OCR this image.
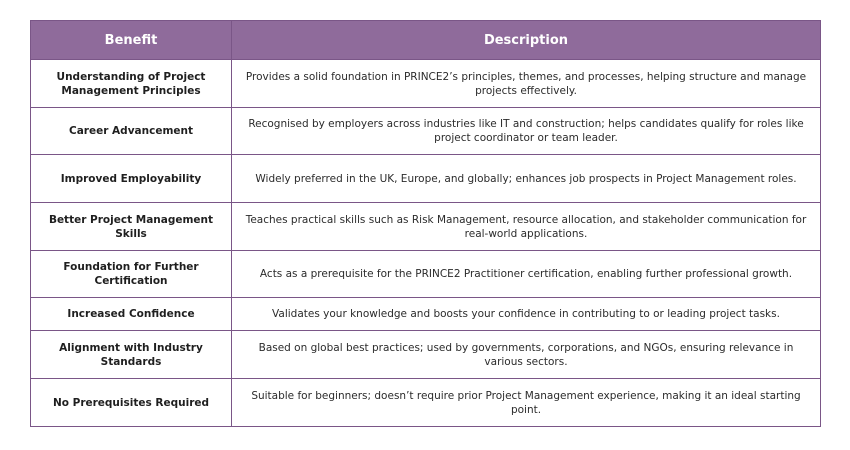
Benefit	Description
Understanding of Project Management Principles	Provides a solid foundation in PRINCE2’s principles, themes, and processes, helping structure and manage projects effectively.
Career Advancement	Recognised by employers across industries like IT and construction; helps candidates qualify for roles like project coordinator or team leader.
Improved Employability	Widely preferred in the UK, Europe, and globally; enhances job prospects in Project Management roles.
Better Project Management Skills	Teaches practical skills such as Risk Management, resource allocation, and stakeholder communication for real-world applications.
Foundation for Further Certification	Acts as a prerequisite for the PRINCE2 Practitioner certification, enabling further professional growth.
Increased Confidence	Validates your knowledge and boosts your confidence in contributing to or leading project tasks.
Alignment with Industry Standards	Based on global best practices; used by governments, corporations, and NGOs, ensuring relevance in various sectors.
No Prerequisites Required	Suitable for beginners; doesn’t require prior Project Management experience, making it an ideal starting point.
